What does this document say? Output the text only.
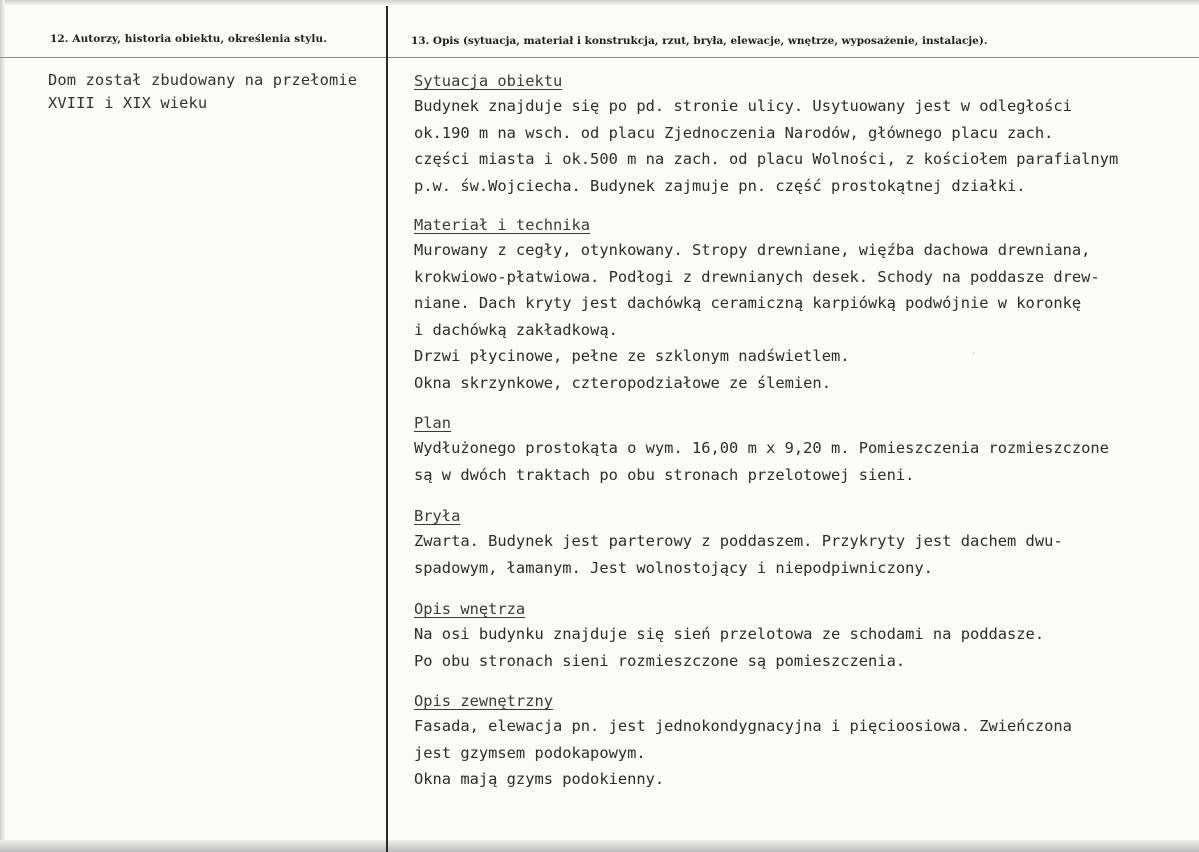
12. Autorzy, historia obiektu, określenia stylu.	13. Opis (sytuacja, materiał i konstrukcja, rzut, bryła, elewacje, wnętrze, wyposażenie, instalacje).
Dom został zbudowany na przełomie
XVIII i XIX wieku
Sytuacja obiektu
Budynek znajduje się po pd. stronie ulicy. Usytuowany jest w odległości
ok.190 m na wsch. od placu Zjednoczenia Narodów, głównego placu zach.
części miasta i ok.500 m na zach. od placu Wolności, z kościołem parafialnym
p.w. św.Wojciecha. Budynek zajmuje pn. część prostokątnej działki.
Materiał i technika
Murowany z cegły, otynkowany. Stropy drewniane, więźba dachowa drewniana,
krokwiowo-płatwiowa. Podłogi z drewnianych desek. Schody na poddasze drew-
niane. Dach kryty jest dachówką ceramiczną karpiówką podwójnie w koronkę
i dachówką zakładkową.
Drzwi płycinowe, pełne ze szklonym nadświetlem.
Okna skrzynkowe, czteropodziałowe ze ślemien.
Plan
Wydłużonego prostokąta o wym. 16,00 m x 9,20 m. Pomieszczenia rozmieszczone
są w dwóch traktach po obu stronach przelotowej sieni.
Bryła
Zwarta. Budynek jest parterowy z poddaszem. Przykryty jest dachem dwu-
spadowym, łamanym. Jest wolnostojący i niepodpiwniczony.
Opis wnętrza
Na osi budynku znajduje się sień przelotowa ze schodami na poddasze.
Po obu stronach sieni rozmieszczone są pomieszczenia.
Opis zewnętrzny
Fasada, elewacja pn. jest jednokondygnacyjna i pięcioosiowa. Zwieńczona
jest gzymsem podokapowym.
Okna mają gzyms podokienny.
